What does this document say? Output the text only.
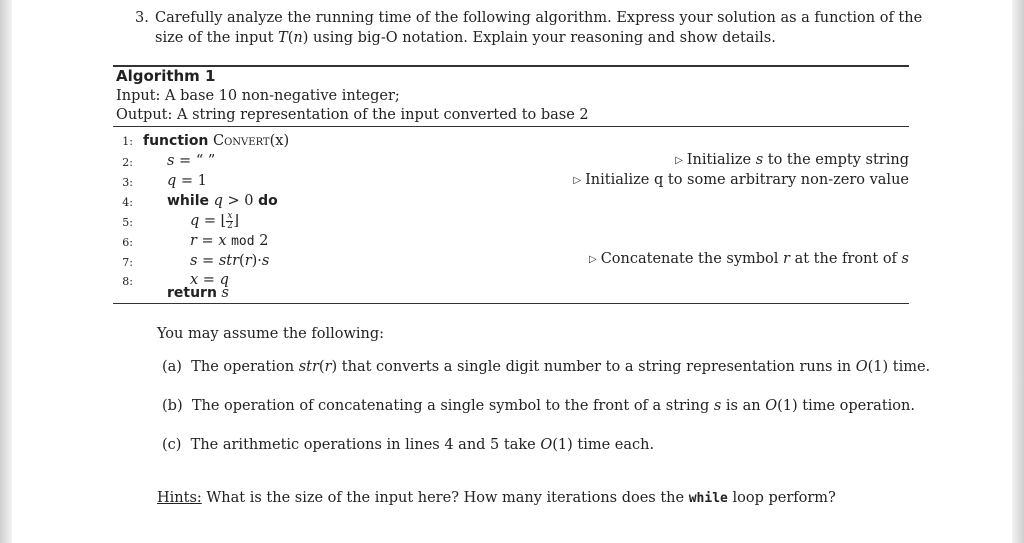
3. Carefully analyze the running time of the following algorithm. Express your solution as a function of the
size of the input T(n) using big-O notation. Explain your reasoning and show details.
Algorithm 1
Input: A base 10 non-negative integer;
Output: A string representation of the input converted to base 2
1: function Convert(x)
2: s = “ ”	▷ Initialize s to the empty string
3: q = 1	▷ Initialize q to some arbitrary non-zero value
4: while q > 0 do
5:	q = ⌊ $\frac{x}{2}$ ⌋
6:	r = x mod 2
7:	s = str(r)·s	▷ Concatenate the symbol r at the front of s
8:	x = q
return s
You may assume the following:
(a)  The operation str(r) that converts a single digit number to a string representation runs in O(1) time.
(b)  The operation of concatenating a single symbol to the front of a string s is an O(1) time operation.
(c)  The arithmetic operations in lines 4 and 5 take O(1) time each.
Hints: What is the size of the input here? How many iterations does the while loop perform?
